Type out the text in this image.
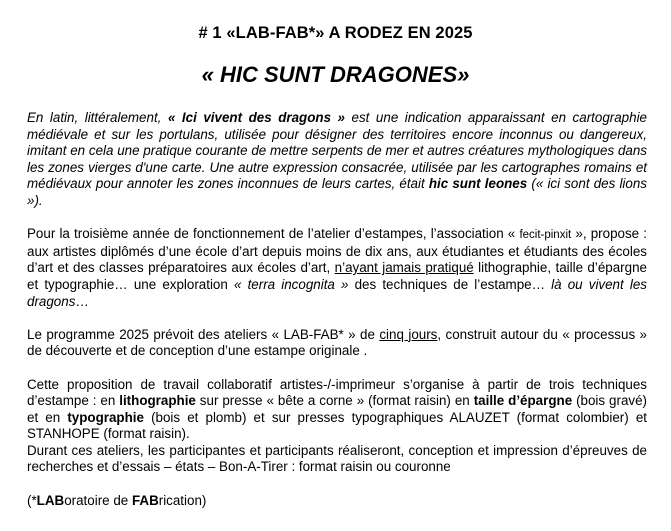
# 1 «LAB-FAB*» A RODEZ EN 2025
« HIC SUNT DRAGONES»

En latin, littéralement, « Ici vivent des dragons » est une indication apparaissant en cartographie médiévale et sur les portulans, utilisée pour désigner des territoires encore inconnus ou dangereux, imitant en cela une pratique courante de mettre serpents de mer et autres créatures mythologiques dans les zones vierges d'une carte. Une autre expression consacrée, utilisée par les cartographes romains et médiévaux pour annoter les zones inconnues de leurs cartes, était hic sunt leones (« ici sont des lions »).

Pour la troisième année de fonctionnement de l’atelier d’estampes, l’association « fecit-pinxit », propose : aux artistes diplômés d’une école d’art depuis moins de dix ans, aux étudiantes et étudiants des écoles d’art et des classes préparatoires aux écoles d’art, n’ayant jamais pratiqué lithographie, taille d’épargne et typographie… une exploration « terra incognita » des techniques de l’estampe… là ou vivent les dragons…

Le programme 2025 prévoit des ateliers « LAB-FAB* » de cinq jours, construit autour du « processus » de découverte et de conception d’une estampe originale .

Cette proposition de travail collaboratif artistes-/-imprimeur s’organise à partir de trois techniques d’estampe : en lithographie sur presse « bête a corne » (format raisin) en taille d’épargne (bois gravé) et en typographie (bois et plomb) et sur presses typographiques ALAUZET (format colombier) et STANHOPE (format raisin).

Durant ces ateliers, les participantes et participants réaliseront, conception et impression d’épreuves de recherches et d’essais – états – Bon-A-Tirer : format raisin ou couronne

(*LABoratoire de FABrication)
